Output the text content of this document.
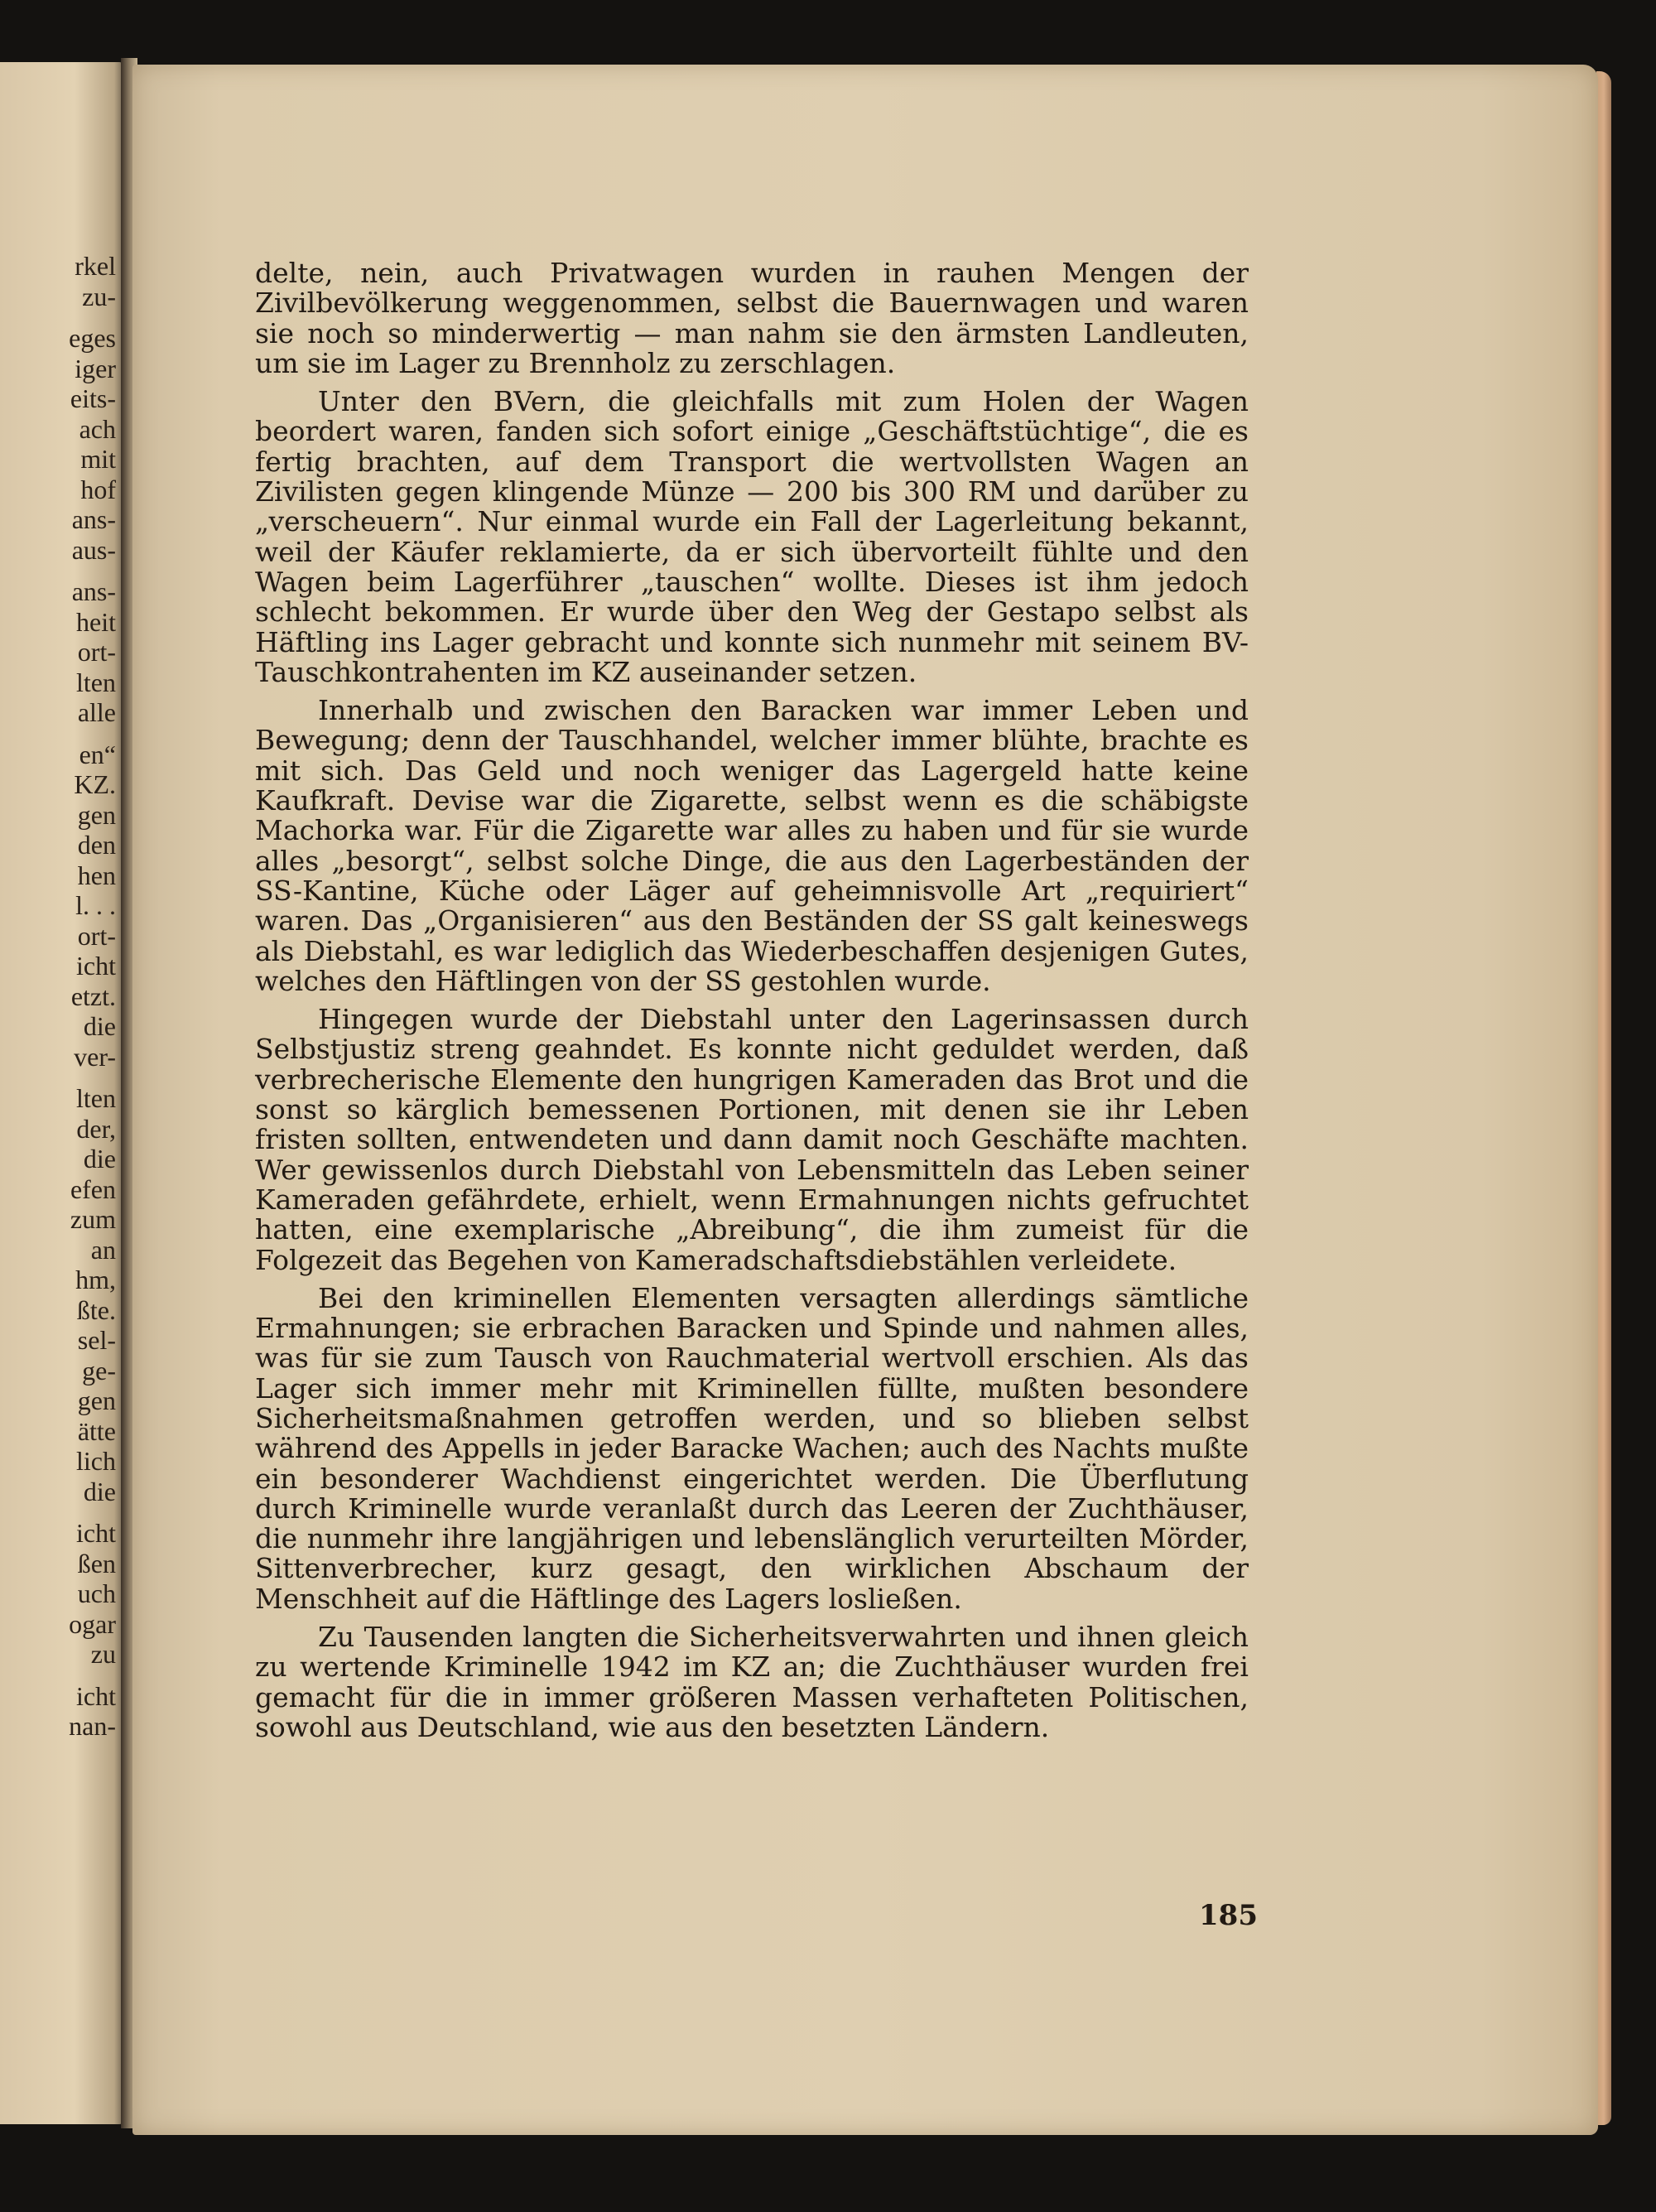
rkel
zu-
eges
iger
eits-
ach
mit
hof
ans-
aus-
ans-
heit
ort-
lten
alle
en“
KZ.
gen
den
hen
l. . .
ort-
icht
etzt.
die
ver-
lten
der,
die
efen
zum
an
hm,
ßte.
sel-
ge-
gen
ätte
lich
die
icht
ßen
uch
ogar
zu
icht
nan-

delte, nein, auch Privatwagen wurden in rauhen Mengen der Zivilbevölkerung weggenommen, selbst die Bauernwagen und waren sie noch so minderwertig — man nahm sie den ärmsten Landleuten, um sie im Lager zu Brennholz zu zerschlagen.

Unter den BVern, die gleichfalls mit zum Holen der Wagen beordert waren, fanden sich sofort einige „Geschäftstüchtige“, die es fertig brachten, auf dem Transport die wertvollsten Wagen an Zivilisten gegen klingende Münze — 200 bis 300 RM und darüber zu „verscheuern“. Nur einmal wurde ein Fall der Lagerleitung bekannt, weil der Käufer reklamierte, da er sich übervorteilt fühlte und den Wagen beim Lagerführer „tauschen“ wollte. Dieses ist ihm jedoch schlecht bekommen. Er wurde über den Weg der Gestapo selbst als Häftling ins Lager gebracht und konnte sich nunmehr mit seinem BV-Tauschkontrahenten im KZ auseinander setzen.

Innerhalb und zwischen den Baracken war immer Leben und Bewegung; denn der Tauschhandel, welcher immer blühte, brachte es mit sich. Das Geld und noch weniger das Lagergeld hatte keine Kaufkraft. Devise war die Zigarette, selbst wenn es die schäbigste Machorka war. Für die Zigarette war alles zu haben und für sie wurde alles „besorgt“, selbst solche Dinge, die aus den Lagerbeständen der SS-Kantine, Küche oder Läger auf geheimnisvolle Art „requiriert“ waren. Das „Organisieren“ aus den Beständen der SS galt keineswegs als Diebstahl, es war lediglich das Wiederbeschaffen desjenigen Gutes, welches den Häftlingen von der SS gestohlen wurde.

Hingegen wurde der Diebstahl unter den Lagerinsassen durch Selbstjustiz streng geahndet. Es konnte nicht geduldet werden, daß verbrecherische Elemente den hungrigen Kameraden das Brot und die sonst so kärglich bemessenen Portionen, mit denen sie ihr Leben fristen sollten, entwendeten und dann damit noch Geschäfte machten. Wer gewissenlos durch Diebstahl von Lebensmitteln das Leben seiner Kameraden gefährdete, erhielt, wenn Ermahnungen nichts gefruchtet hatten, eine exemplarische „Abreibung“, die ihm zumeist für die Folgezeit das Begehen von Kameradschaftsdiebstählen verleidete.

Bei den kriminellen Elementen versagten allerdings sämtliche Ermahnungen; sie erbrachen Baracken und Spinde und nahmen alles, was für sie zum Tausch von Rauchmaterial wertvoll erschien. Als das Lager sich immer mehr mit Kriminellen füllte, mußten besondere Sicherheitsmaßnahmen getroffen werden, und so blieben selbst während des Appells in jeder Baracke Wachen; auch des Nachts mußte ein besonderer Wachdienst eingerichtet werden. Die Überflutung durch Kriminelle wurde veranlaßt durch das Leeren der Zuchthäuser, die nunmehr ihre langjährigen und lebenslänglich verurteilten Mörder, Sittenverbrecher, kurz gesagt, den wirklichen Abschaum der Menschheit auf die Häftlinge des Lagers losließen.

Zu Tausenden langten die Sicherheitsverwahrten und ihnen gleich zu wertende Kriminelle 1942 im KZ an; die Zuchthäuser wurden frei gemacht für die in immer größeren Massen verhafteten Politischen, sowohl aus Deutschland, wie aus den besetzten Ländern.

185
